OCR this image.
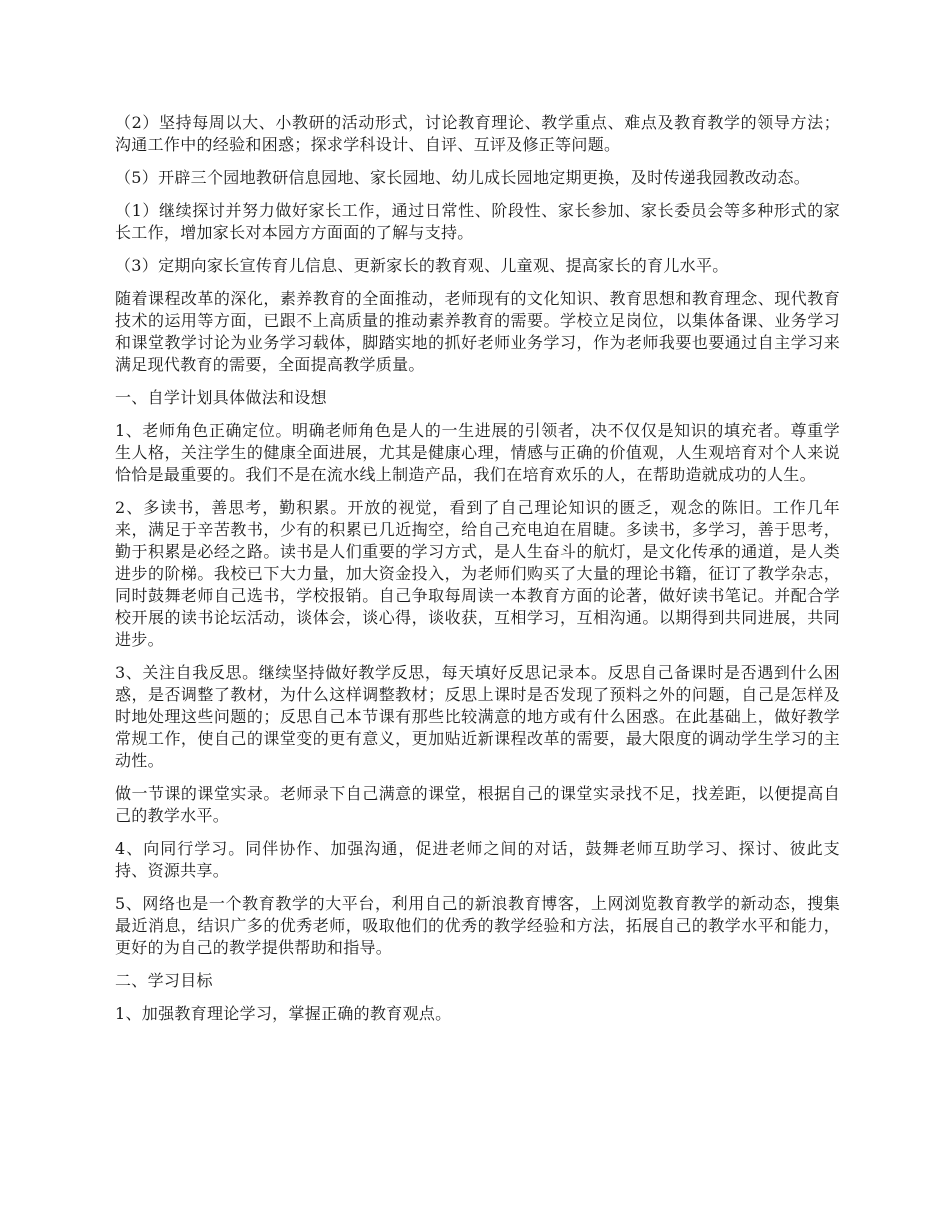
（2）坚持每周以大、小教研的活动形式，讨论教育理论、教学重点、难点及教育教学的领导方法；沟通工作中的经验和困惑；探求学科设计、自评、互评及修正等问题。

（5）开辟三个园地教研信息园地、家长园地、幼儿成长园地定期更换，及时传递我园教改动态。

（1）继续探讨并努力做好家长工作，通过日常性、阶段性、家长参加、家长委员会等多种形式的家长工作，增加家长对本园方方面面的了解与支持。

（3）定期向家长宣传育儿信息、更新家长的教育观、儿童观、提高家长的育儿水平。

随着课程改革的深化，素养教育的全面推动，老师现有的文化知识、教育思想和教育理念、现代教育技术的运用等方面，已跟不上高质量的推动素养教育的需要。学校立足岗位，以集体备课、业务学习和课堂教学讨论为业务学习载体，脚踏实地的抓好老师业务学习，作为老师我要也要通过自主学习来满足现代教育的需要，全面提高教学质量。

一、自学计划具体做法和设想

1、老师角色正确定位。明确老师角色是人的一生进展的引领者，决不仅仅是知识的填充者。尊重学生人格，关注学生的健康全面进展，尤其是健康心理，情感与正确的价值观，人生观培育对个人来说恰恰是最重要的。我们不是在流水线上制造产品，我们在培育欢乐的人，在帮助造就成功的人生。

2、多读书，善思考，勤积累。开放的视觉，看到了自己理论知识的匮乏，观念的陈旧。工作几年来，满足于辛苦教书，少有的积累已几近掏空，给自己充电迫在眉睫。多读书，多学习，善于思考，勤于积累是必经之路。读书是人们重要的学习方式，是人生奋斗的航灯，是文化传承的通道，是人类进步的阶梯。我校已下大力量，加大资金投入，为老师们购买了大量的理论书籍，征订了教学杂志，同时鼓舞老师自己选书，学校报销。自己争取每周读一本教育方面的论著，做好读书笔记。并配合学校开展的读书论坛活动，谈体会，谈心得，谈收获，互相学习，互相沟通。以期得到共同进展，共同进步。

3、关注自我反思。继续坚持做好教学反思，每天填好反思记录本。反思自己备课时是否遇到什么困惑，是否调整了教材，为什么这样调整教材；反思上课时是否发现了预料之外的问题，自己是怎样及时地处理这些问题的；反思自己本节课有那些比较满意的地方或有什么困惑。在此基础上，做好教学常规工作，使自己的课堂变的更有意义，更加贴近新课程改革的需要，最大限度的调动学生学习的主动性。

做一节课的课堂实录。老师录下自己满意的课堂，根据自己的课堂实录找不足，找差距，以便提高自己的教学水平。

4、向同行学习。同伴协作、加强沟通，促进老师之间的对话，鼓舞老师互助学习、探讨、彼此支持、资源共享。

5、网络也是一个教育教学的大平台，利用自己的新浪教育博客，上网浏览教育教学的新动态，搜集最近消息，结识广多的优秀老师，吸取他们的优秀的教学经验和方法，拓展自己的教学水平和能力，更好的为自己的教学提供帮助和指导。

二、学习目标

1、加强教育理论学习，掌握正确的教育观点。
